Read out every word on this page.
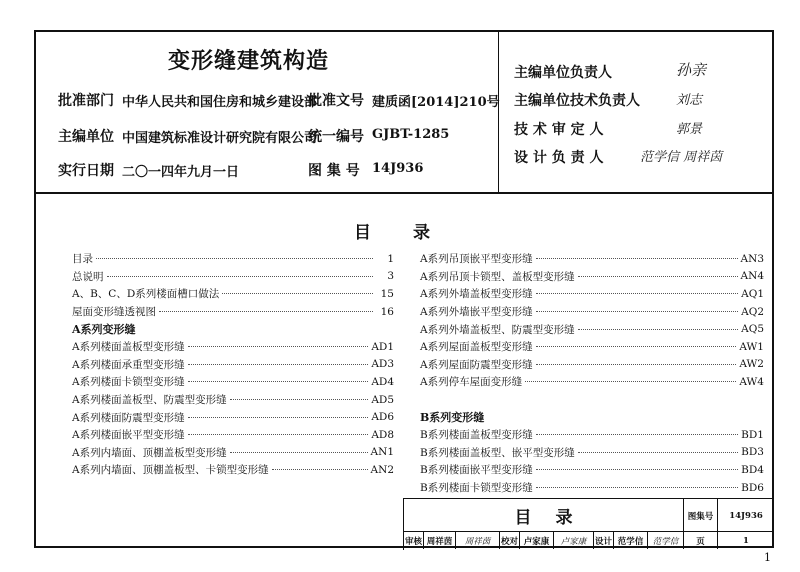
变形缝建筑构造
批准部门 中华人民共和国住房和城乡建设部
批准文号 建质函[2014]210号
主编单位 中国建筑标准设计研究院有限公司
统一编号 GJBT-1285
实行日期 二〇一四年九月一日	图 集 号 14J936
主编单位负责人	孙亲
主编单位技术负责人	刘志
技 术 审 定 人	郭景
设 计 负 责 人	范学信 周祥茵
目录
目录	1
总说明	3
A、B、C、D系列楼面槽口做法	15
屋面变形缝透视图	16
A系列变形缝
A系列楼面盖板型变形缝	AD1
A系列楼面承重型变形缝	AD3
A系列楼面卡锁型变形缝	AD4
A系列楼面盖板型、防震型变形缝	AD5
A系列楼面防震型变形缝	AD6
A系列楼面嵌平型变形缝	AD8
A系列内墙面、顶棚盖板型变形缝	AN1
A系列内墙面、顶棚盖板型、卡锁型变形缝	AN2
A系列吊顶嵌平型变形缝	AN3
A系列吊顶卡锁型、盖板型变形缝	AN4
A系列外墙盖板型变形缝	AQ1
A系列外墙嵌平型变形缝	AQ2
A系列外墙盖板型、防震型变形缝	AQ5
A系列屋面盖板型变形缝	AW1
A系列屋面防震型变形缝	AW2
A系列停车屋面变形缝	AW4
B系列变形缝
B系列楼面盖板型变形缝	BD1
B系列楼面盖板型、嵌平型变形缝	BD3
B系列楼面嵌平型变形缝	BD4
B系列楼面卡锁型变形缝	BD6
目录	图集号	14J936
审核 周祥茵	周祥茵	校对 卢家康	卢家康	设计 范学信	范学信	页	1
1
